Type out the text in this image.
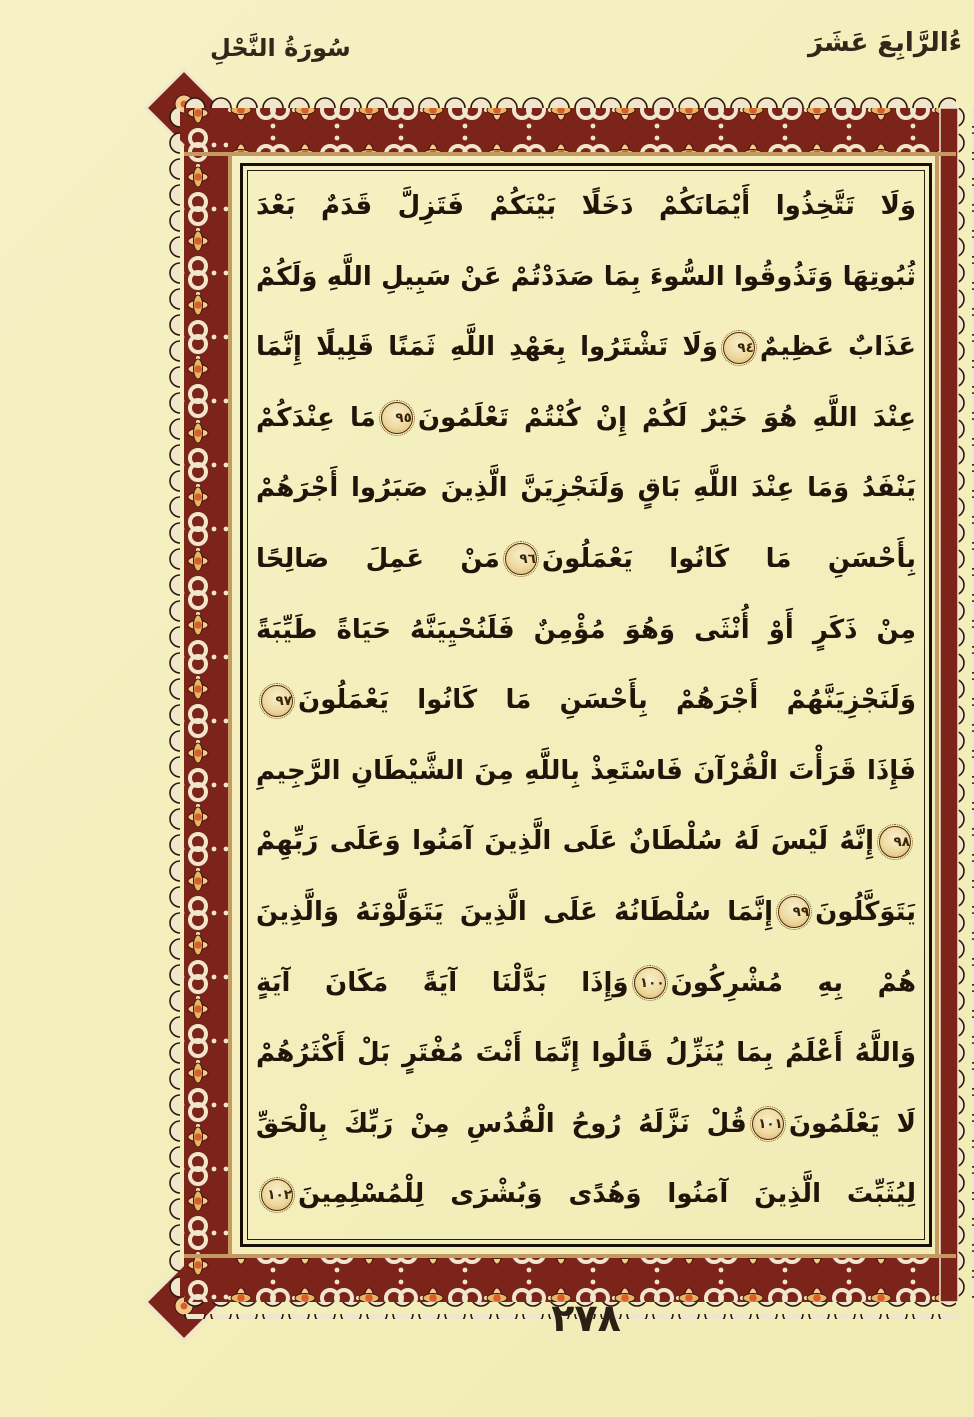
ءُالرَّابِعَ عَشَرَ
سُورَةُ النَّحْلِ
وَلَا تَتَّخِذُوا أَيْمَانَكُمْ دَخَلًا بَيْنَكُمْ فَتَزِلَّ قَدَمٌ بَعْدَ
ثُبُوتِهَا وَتَذُوقُوا السُّوءَ بِمَا صَدَدْتُمْ عَنْ سَبِيلِ اللَّهِ وَلَكُمْ
عَذَابٌ عَظِيمٌ٩٤وَلَا تَشْتَرُوا بِعَهْدِ اللَّهِ ثَمَنًا قَلِيلًا إِنَّمَا
عِنْدَ اللَّهِ هُوَ خَيْرٌ لَكُمْ إِنْ كُنْتُمْ تَعْلَمُونَ٩٥مَا عِنْدَكُمْ
يَنْفَدُ وَمَا عِنْدَ اللَّهِ بَاقٍ وَلَنَجْزِيَنَّ الَّذِينَ صَبَرُوا أَجْرَهُمْ
بِأَحْسَنِ مَا كَانُوا يَعْمَلُونَ٩٦مَنْ عَمِلَ صَالِحًا
مِنْ ذَكَرٍ أَوْ أُنْثَى وَهُوَ مُؤْمِنٌ فَلَنُحْيِيَنَّهُ حَيَاةً طَيِّبَةً
وَلَنَجْزِيَنَّهُمْ أَجْرَهُمْ بِأَحْسَنِ مَا كَانُوا يَعْمَلُونَ٩٧
فَإِذَا قَرَأْتَ الْقُرْآنَ فَاسْتَعِذْ بِاللَّهِ مِنَ الشَّيْطَانِ الرَّجِيمِ
٩٨إِنَّهُ لَيْسَ لَهُ سُلْطَانٌ عَلَى الَّذِينَ آمَنُوا وَعَلَى رَبِّهِمْ
يَتَوَكَّلُونَ٩٩إِنَّمَا سُلْطَانُهُ عَلَى الَّذِينَ يَتَوَلَّوْنَهُ وَالَّذِينَ
هُمْ بِهِ مُشْرِكُونَ١٠٠وَإِذَا بَدَّلْنَا آيَةً مَكَانَ آيَةٍ
وَاللَّهُ أَعْلَمُ بِمَا يُنَزِّلُ قَالُوا إِنَّمَا أَنْتَ مُفْتَرٍ بَلْ أَكْثَرُهُمْ
لَا يَعْلَمُونَ١٠١قُلْ نَزَّلَهُ رُوحُ الْقُدُسِ مِنْ رَبِّكَ بِالْحَقِّ
لِيُثَبِّتَ الَّذِينَ آمَنُوا وَهُدًى وَبُشْرَى لِلْمُسْلِمِينَ١٠٢
٢٧٨
